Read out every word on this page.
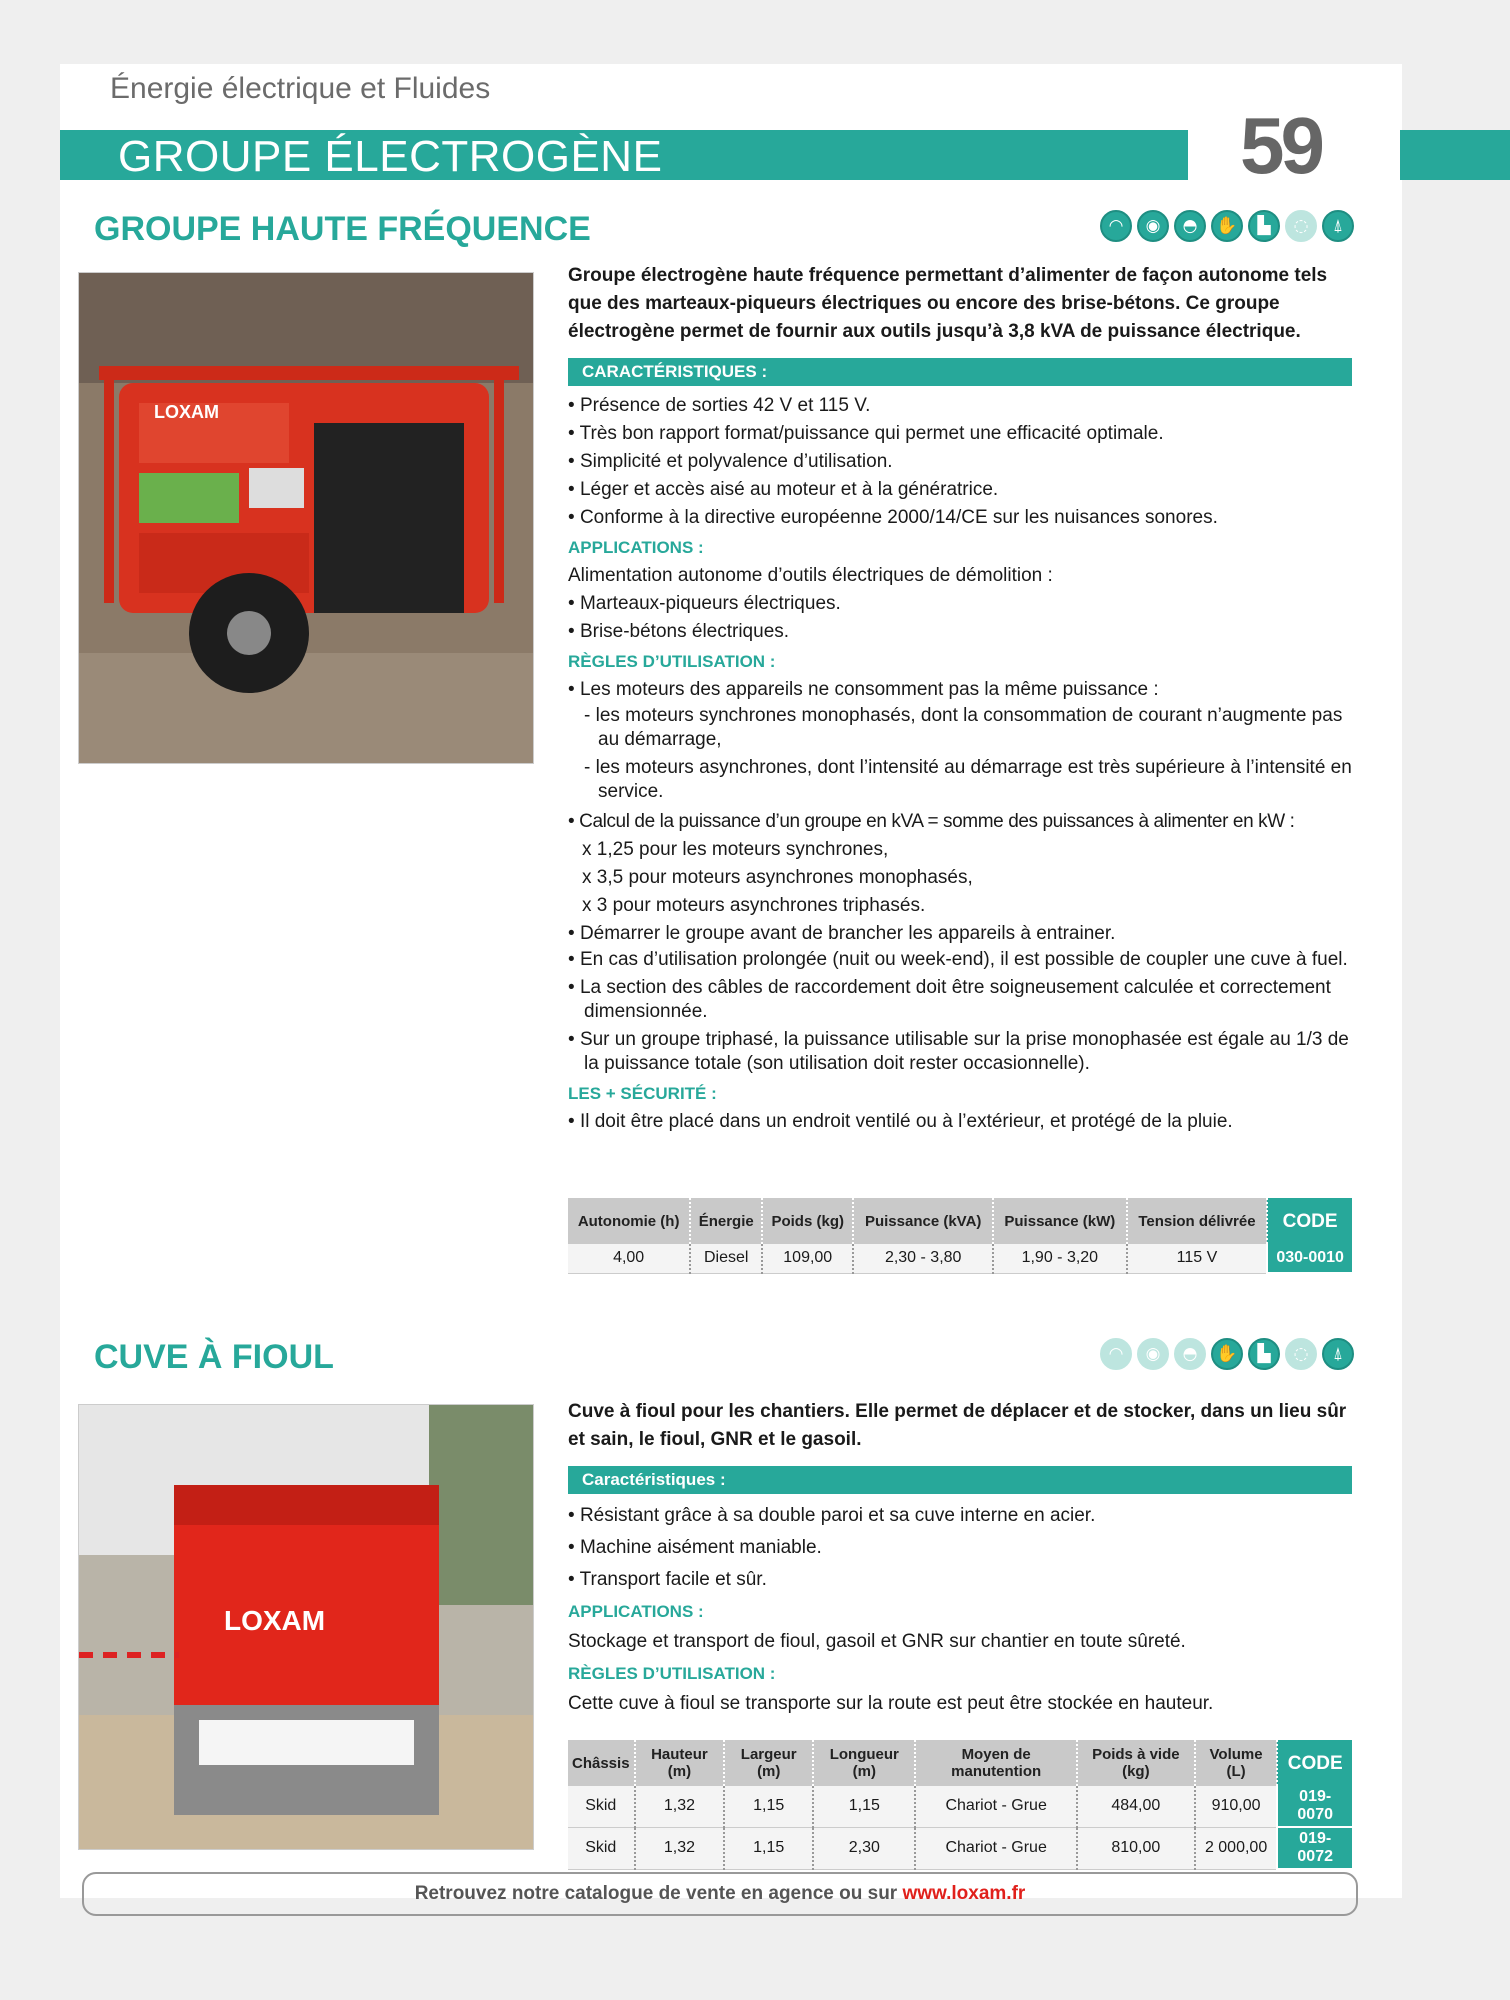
Énergie électrique et Fluides
GROUPE ÉLECTROGÈNE	59
GROUPE HAUTE FRÉQUENCE	◠	◉	◓	✋	▙	◌	⍋
LOXAM
Groupe électrogène haute fréquence permettant d’alimenter de façon autonome tels que des marteaux-piqueurs électriques ou encore des brise-bétons. Ce groupe électrogène permet de fournir aux outils jusqu’à 3,8 kVA de puissance électrique.
CARACTÉRISTIQUES :
• Présence de sorties 42 V et 115 V.
• Très bon rapport format/puissance qui permet une efficacité optimale.
• Simplicité et polyvalence d’utilisation.
• Léger et accès aisé au moteur et à la génératrice.
• Conforme à la directive européenne 2000/14/CE sur les nuisances sonores.
APPLICATIONS :
Alimentation autonome d’outils électriques de démolition :
• Marteaux-piqueurs électriques.
• Brise-bétons électriques.
RÈGLES D’UTILISATION :
• Les moteurs des appareils ne consomment pas la même puissance :
- les moteurs synchrones monophasés, dont la consommation de courant n’augmente pas au démarrage,
- les moteurs asynchrones, dont l’intensité au démarrage est très supérieure à l’intensité en service.
• Calcul de la puissance d’un groupe en kVA = somme des puissances à alimenter en kW :
x 1,25 pour les moteurs synchrones,
x 3,5 pour moteurs asynchrones monophasés,
x 3 pour moteurs asynchrones triphasés.
• Démarrer le groupe avant de brancher les appareils à entrainer.
• En cas d’utilisation prolongée (nuit ou week-end), il est possible de coupler une cuve à fuel.
• La section des câbles de raccordement doit être soigneusement calculée et correctement dimensionnée.
• Sur un groupe triphasé, la puissance utilisable sur la prise monophasée est égale au 1/3 de la puissance totale (son utilisation doit rester occasionnelle).
LES + SÉCURITÉ :
• Il doit être placé dans un endroit ventilé ou à l’extérieur, et protégé de la pluie.
Autonomie (h)	Énergie	Poids (kg)	Puissance (kVA)	Puissance (kW)	Tension délivrée	CODE
4,00	Diesel	109,00	2,30 - 3,80	1,90 - 3,20	115 V	030-0010
CUVE À FIOUL	◠	◉	◓	✋	▙	◌	⍋
LOXAM
Cuve à fioul pour les chantiers. Elle permet de déplacer et de stocker, dans un lieu sûr et sain, le fioul, GNR et le gasoil.
Caractéristiques :
• Résistant grâce à sa double paroi et sa cuve interne en acier.
• Machine aisément maniable.
• Transport facile et sûr.
APPLICATIONS :
Stockage et transport de fioul, gasoil et GNR sur chantier en toute sûreté.
RÈGLES D’UTILISATION :
Cette cuve à fioul se transporte sur la route est peut être stockée en hauteur.
Châssis	Hauteur (m)	Largeur (m)	Longueur (m)	Moyen de manutention	Poids à vide (kg)	Volume (L)	CODE
Skid	1,32	1,15	1,15	Chariot - Grue	484,00	910,00	019-0070
Skid	1,32	1,15	2,30	Chariot - Grue	810,00	2 000,00	019-0072
Retrouvez notre catalogue de vente en agence ou sur www.loxam.fr
